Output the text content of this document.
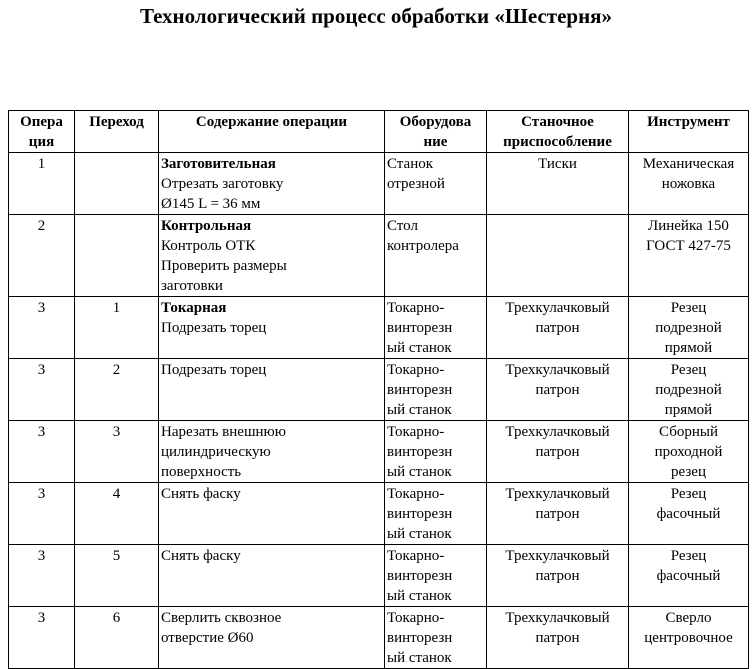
Технологический процесс обработки «Шестерня»
Опера
ция	Переход	Содержание операции	Оборудова
ние	Станочное
приспособление	Инструмент

1		Заготовительная
Отрезать заготовку
Ø145 L = 36 мм	Станок
отрезной	Тиски	Механическая
ножовка

2		Контрольная
Контроль ОТК
Проверить размеры
заготовки	Стол
контролера		Линейка 150
ГОСТ 427-75

3	1	Токарная
Подрезать торец	Токарно-
винторезн
ый станок	Трехкулачковый
патрон	Резец
подрезной
прямой

3	2	Подрезать торец	Токарно-
винторезн
ый станок	Трехкулачковый
патрон	Резец
подрезной
прямой

3	3	Нарезать внешнюю
цилиндрическую
поверхность	Токарно-
винторезн
ый станок	Трехкулачковый
патрон	Сборный
проходной
резец

3	4	Снять фаску	Токарно-
винторезн
ый станок	Трехкулачковый
патрон	Резец
фасочный

3	5	Снять фаску	Токарно-
винторезн
ый станок	Трехкулачковый
патрон	Резец
фасочный

3	6	Сверлить сквозное
отверстие Ø60	Токарно-
винторезн
ый станок	Трехкулачковый
патрон	Сверло
центровочное
